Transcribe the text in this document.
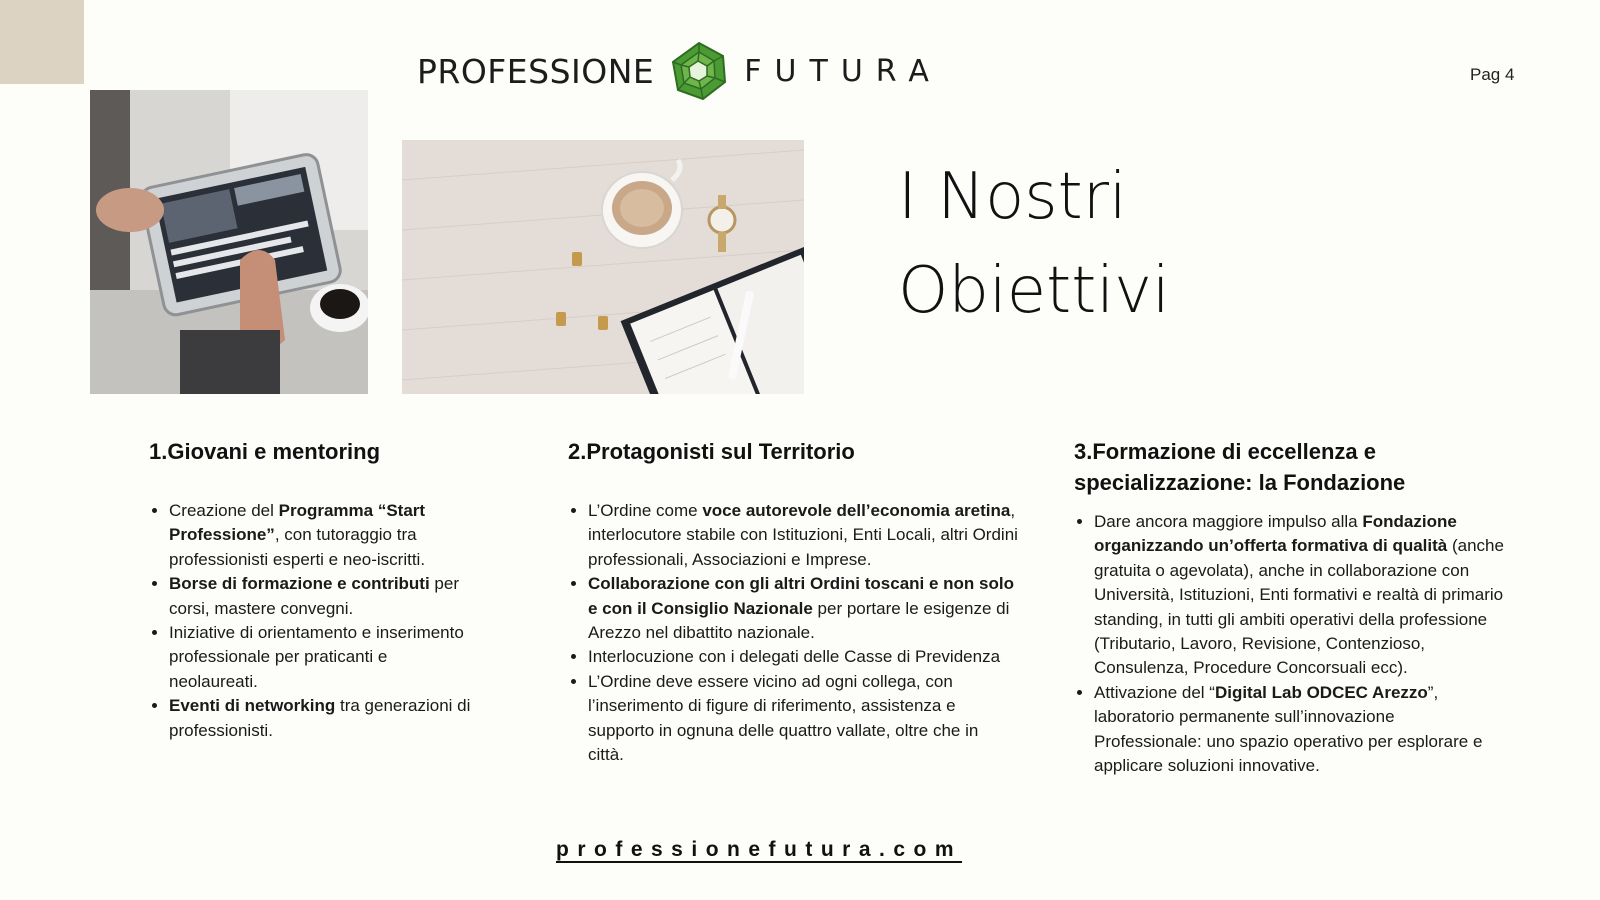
PROFESSIONE	FUTURA	Pag 4
I Nostri
Obiettivi
1.Giovani e mentoring
• Creazione del Programma “Start Professione”, con tutoraggio tra professionisti esperti e neo-iscritti.
• Borse di formazione e contributi per corsi, mastere convegni.
• Iniziative di orientamento e inserimento professionale per praticanti e neolaureati.
• Eventi di networking tra generazioni di professionisti.
2.Protagonisti sul Territorio
• L’Ordine come voce autorevole dell’economia aretina, interlocutore stabile con Istituzioni, Enti Locali, altri Ordini professionali, Associazioni e Imprese.
• Collaborazione con gli altri Ordini toscani e non solo e con il Consiglio Nazionale per portare le esigenze di Arezzo nel dibattito nazionale.
• Interlocuzione con i delegati delle Casse di Previdenza
• L’Ordine deve essere vicino ad ogni collega, con l’inserimento di figure di riferimento, assistenza e supporto in ognuna delle quattro vallate, oltre che in città.
3.Formazione di eccellenza e specializzazione: la Fondazione
• Dare ancora maggiore impulso alla Fondazione organizzando un’offerta formativa di qualità (anche gratuita o agevolata), anche in collaborazione con Università, Istituzioni, Enti formativi e realtà di primario standing, in tutti gli ambiti operativi della professione (Tributario, Lavoro, Revisione, Contenzioso, Consulenza, Procedure Concorsuali ecc).
• Attivazione del “Digital Lab ODCEC Arezzo”, laboratorio permanente sull’innovazione Professionale: uno spazio operativo per esplorare e applicare soluzioni innovative.
professionefutura.com
